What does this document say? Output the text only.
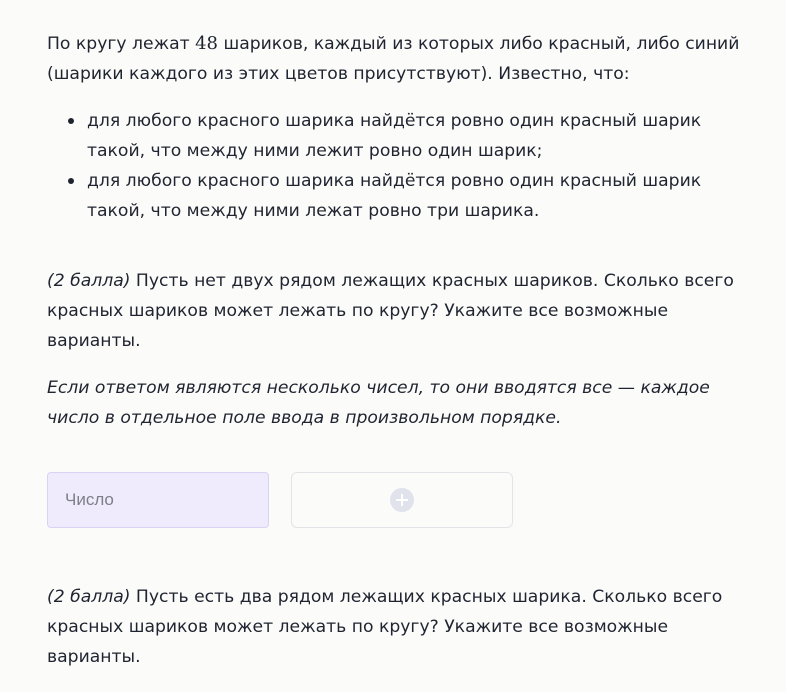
По кругу лежат 48 шариков, каждый из которых либо красный, либо синий (шарики каждого из этих цветов присутствуют). Известно, что:

для любого красного шарика найдётся ровно один красный шарик такой, что между ними лежит ровно один шарик;
для любого красного шарика найдётся ровно один красный шарик такой, что между ними лежат ровно три шарика.

(2 балла) Пусть нет двух рядом лежащих красных шариков. Сколько всего красных шариков может лежать по кругу? Укажите все возможные варианты.

Если ответом являются несколько чисел, то они вводятся все — каждое число в отдельное поле ввода в произвольном порядке.

Число

(2 балла) Пусть есть два рядом лежащих красных шарика. Сколько всего красных шариков может лежать по кругу? Укажите все возможные варианты.
